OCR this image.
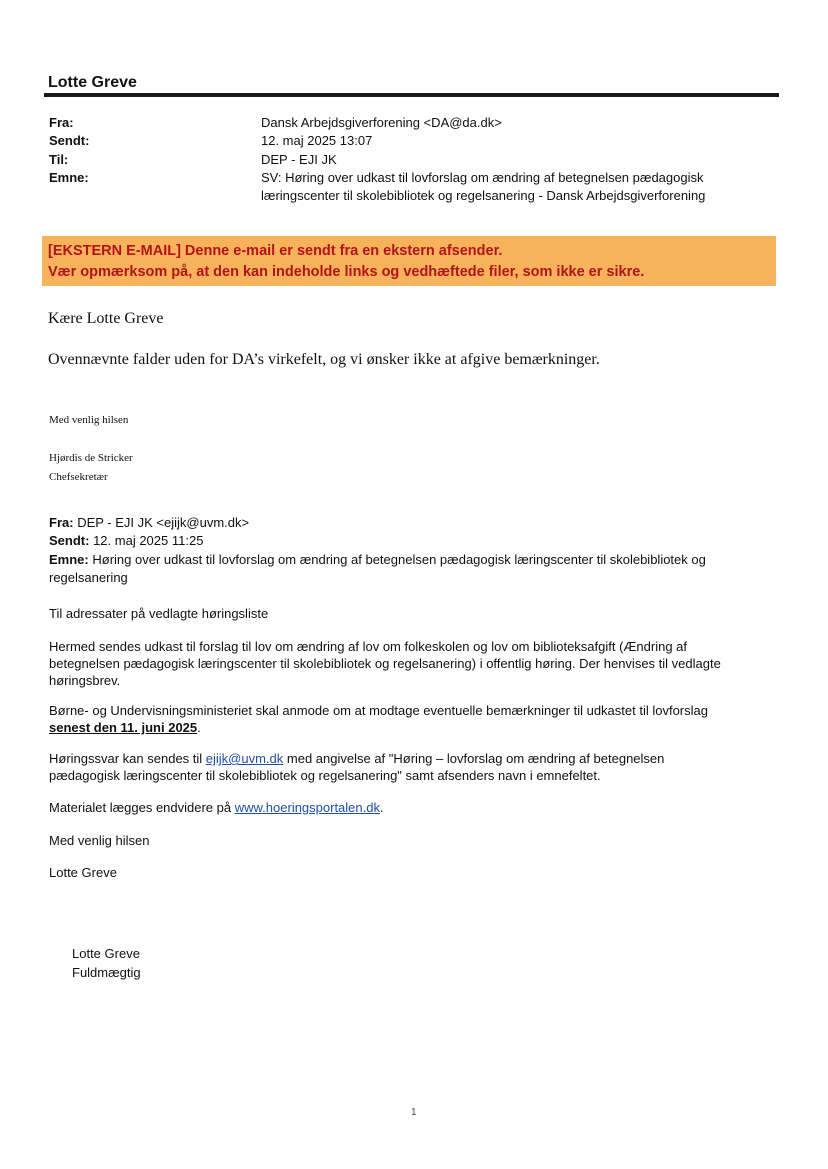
Lotte Greve
Fra:	Dansk Arbejdsgiverforening <DA@da.dk>
Sendt:	12. maj 2025 13:07
Til:	DEP - EJI JK
Emne:	SV: Høring over udkast til lovforslag om ændring af betegnelsen pædagogisk
læringscenter til skolebibliotek og regelsanering - Dansk Arbejdsgiverforening
[EKSTERN E-MAIL] Denne e-mail er sendt fra en ekstern afsender.
Vær opmærksom på, at den kan indeholde links og vedhæftede filer, som ikke er sikre.
Kære Lotte Greve
Ovennævnte falder uden for DA’s virkefelt, og vi ønsker ikke at afgive bemærkninger.
Med venlig hilsen
Hjørdis de Stricker
Chefsekretær
Fra: DEP - EJI JK <ejijk@uvm.dk>
Sendt: 12. maj 2025 11:25
Emne: Høring over udkast til lovforslag om ændring af betegnelsen pædagogisk læringscenter til skolebibliotek og
regelsanering
Til adressater på vedlagte høringsliste
Hermed sendes udkast til forslag til lov om ændring af lov om folkeskolen og lov om biblioteksafgift (Ændring af
betegnelsen pædagogisk læringscenter til skolebibliotek og regelsanering) i offentlig høring. Der henvises til vedlagte
høringsbrev.
Børne- og Undervisningsministeriet skal anmode om at modtage eventuelle bemærkninger til udkastet til lovforslag
senest den 11. juni 2025.
Høringssvar kan sendes til ejijk@uvm.dk med angivelse af "Høring – lovforslag om ændring af betegnelsen
pædagogisk læringscenter til skolebibliotek og regelsanering" samt afsenders navn i emnefeltet.
Materialet lægges endvidere på www.hoeringsportalen.dk.
Med venlig hilsen
Lotte Greve
Lotte Greve
Fuldmægtig
1
